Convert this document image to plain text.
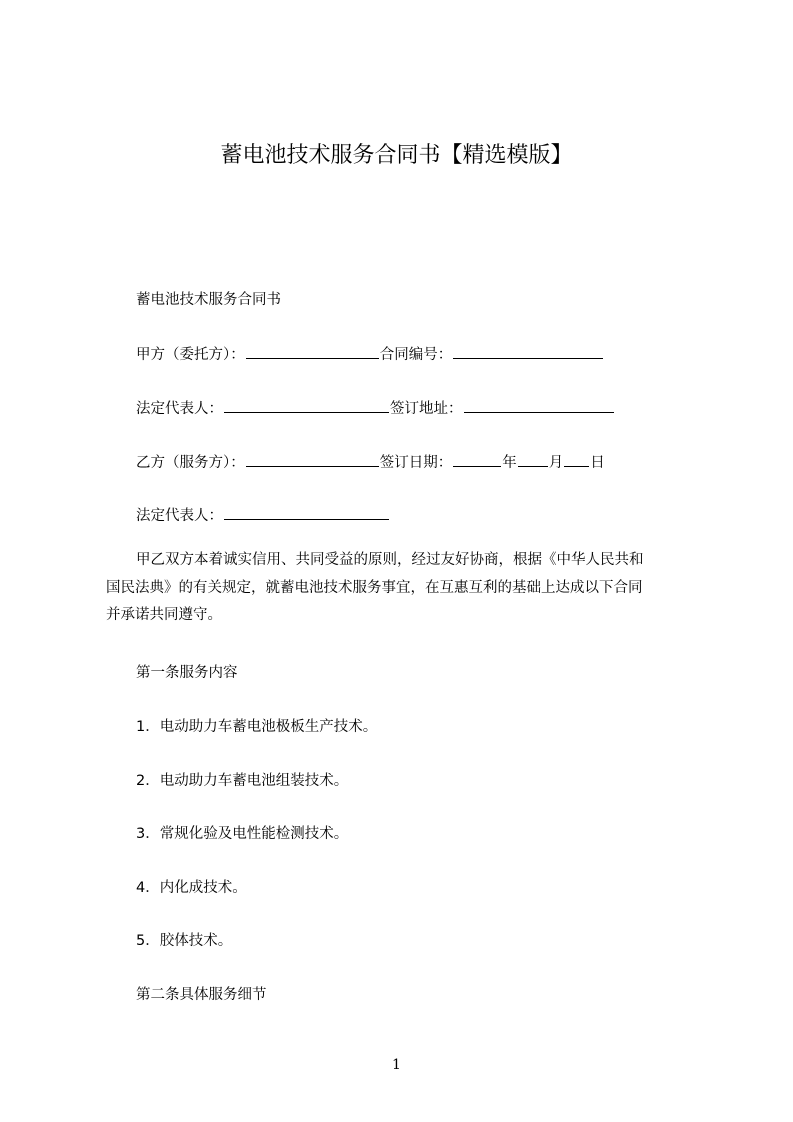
蓄电池技术服务合同书【精选模版】

蓄电池技术服务合同书

甲方（委托方）：	合同编号：

法定代表人：	签订地址：

乙方（服务方）：	签订日期：	年 月 日

法定代表人：

甲乙双方本着诚实信用、共同受益的原则，经过友好协商，根据《中华人民共和
国民法典》的有关规定，就蓄电池技术服务事宜，在互惠互利的基础上达成以下合同
并承诺共同遵守。

第一条服务内容

1．电动助力车蓄电池极板生产技术。

2．电动助力车蓄电池组装技术。

3．常规化验及电性能检测技术。

4．内化成技术。

5．胶体技术。

第二条具体服务细节

1
